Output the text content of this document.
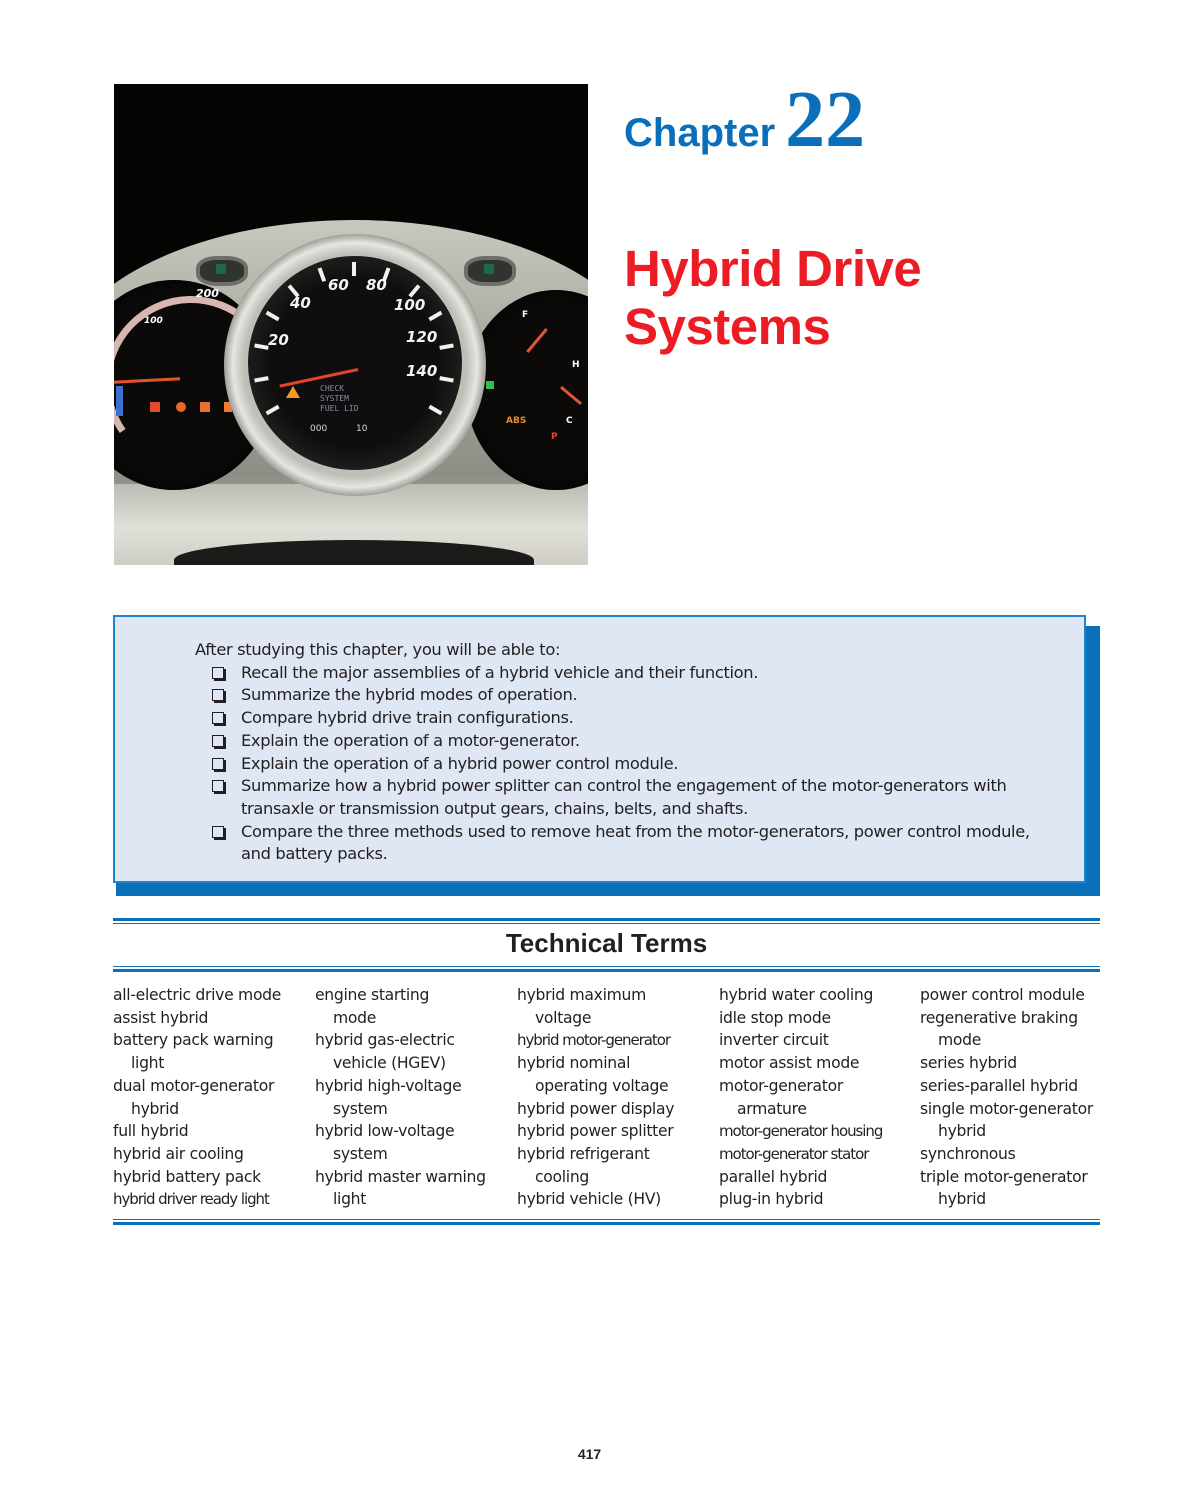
100
200
ABS
F
H
C
P
20
40
60 80
100
120
140
CHECK
SYSTEM
FUEL LID
000	10
Chapter 22
Hybrid Drive
Systems
After studying this chapter, you will be able to:
Recall the major assemblies of a hybrid vehicle and their function.
Summarize the hybrid modes of operation.
Compare hybrid drive train configurations.
Explain the operation of a motor-generator.
Explain the operation of a hybrid power control module.
Summarize how a hybrid power splitter can control the engagement of the motor-generators with
transaxle or transmission output gears, chains, belts, and shafts.
Compare the three methods used to remove heat from the motor-generators, power control module,
and battery packs.
Technical Terms
all-electric drive mode
assist hybrid
battery pack warning
light
dual motor-generator
hybrid
full hybrid
hybrid air cooling
hybrid battery pack
hybrid driver ready light
engine starting
mode
hybrid gas-electric
vehicle (HGEV)
hybrid high-voltage
system
hybrid low-voltage
system
hybrid master warning
light
hybrid maximum
voltage
hybrid motor-generator
hybrid nominal
operating voltage
hybrid power display
hybrid power splitter
hybrid refrigerant
cooling
hybrid vehicle (HV)
hybrid water cooling
idle stop mode
inverter circuit
motor assist mode
motor-generator
armature
motor-generator housing
motor-generator stator
parallel hybrid
plug-in hybrid
power control module
regenerative braking
mode
series hybrid
series-parallel hybrid
single motor-generator
hybrid
synchronous
triple motor-generator
hybrid
417
